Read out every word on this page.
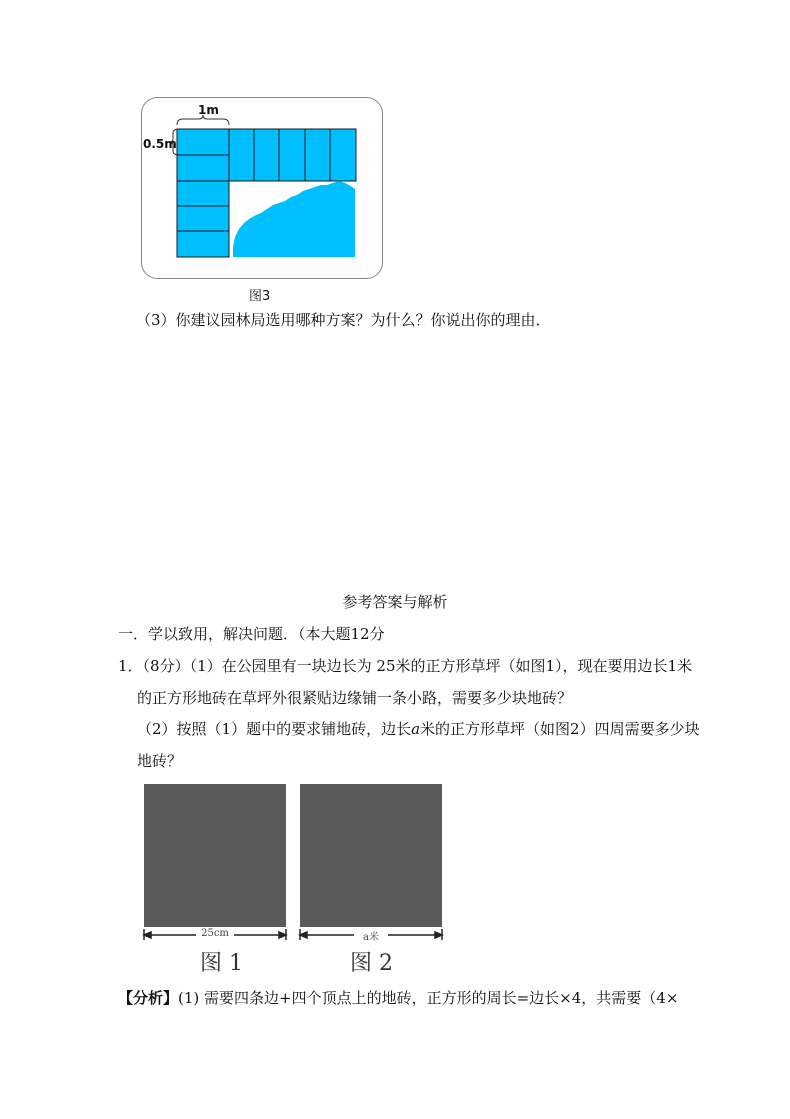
1m
0.5m
图3
（3）你建议园林局选用哪种方案？为什么？你说出你的理由．
参考答案与解析
一．学以致用，解决问题．（本大题12分
1．（8分）（1）在公园里有一块边长为 25米的正方形草坪（如图1），现在要用边长1米
的正方形地砖在草坪外很紧贴边缘铺一条小路，需要多少块地砖？
（2）按照（1）题中的要求铺地砖，边长a米的正方形草坪（如图2）四周需要多少块
地砖？
25cm	a米
图 1	图 2
【分析】(1) 需要四条边+四个顶点上的地砖，正方形的周长=边长×4，共需要（4×
